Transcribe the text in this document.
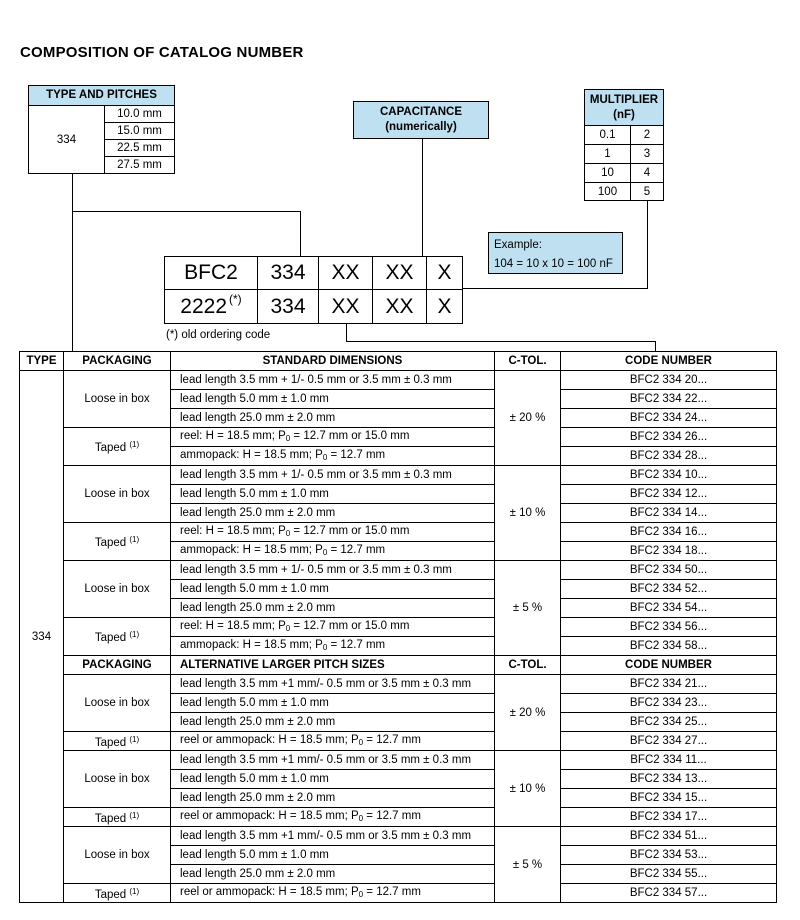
COMPOSITION OF CATALOG NUMBER
TYPE AND PITCHES
334
10.0 mm
15.0 mm
22.5 mm
27.5 mm
CAPACITANCE
(numerically)
MULTIPLIER
(nF)
0.1	2
1	3
10	4
100	5
Example:
104 = 10 x 10 = 100 nF
BFC2	334	XX	XX	X
2222(*)	334	XX	XX	X
(*) old ordering code
TYPE	PACKAGING	STANDARD DIMENSIONS	C-TOL.	CODE NUMBER
334	Loose in box	lead length 3.5 mm + 1/- 0.5 mm or 3.5 mm ± 0.3 mm	± 20 %	BFC2 334 20...
		lead length 5.0 mm ± 1.0 mm		BFC2 334 22...
		lead length 25.0 mm ± 2.0 mm		BFC2 334 24...
	Taped $^{(1)}$	reel: H = 18.5 mm; $P_0 = 12.7$ mm or 15.0 mm		BFC2 334 26...
		ammopack: H = 18.5 mm; $P_0 = 12.7$ mm		BFC2 334 28...
	Loose in box	lead length 3.5 mm + 1/- 0.5 mm or 3.5 mm ± 0.3 mm	± 10 %	BFC2 334 10...
		lead length 5.0 mm ± 1.0 mm		BFC2 334 12...
		lead length 25.0 mm ± 2.0 mm		BFC2 334 14...
	Taped $^{(1)}$	reel: H = 18.5 mm; $P_0 = 12.7$ mm or 15.0 mm		BFC2 334 16...
		ammopack: H = 18.5 mm; $P_0 = 12.7$ mm		BFC2 334 18...
	Loose in box	lead length 3.5 mm + 1/- 0.5 mm or 3.5 mm ± 0.3 mm	± 5 %	BFC2 334 50...
		lead length 5.0 mm ± 1.0 mm		BFC2 334 52...
		lead length 25.0 mm ± 2.0 mm		BFC2 334 54...
	Taped $^{(1)}$	reel: H = 18.5 mm; $P_0 = 12.7$ mm or 15.0 mm		BFC2 334 56...
		ammopack: H = 18.5 mm; $P_0 = 12.7$ mm		BFC2 334 58...
	PACKAGING	ALTERNATIVE LARGER PITCH SIZES	C-TOL.	CODE NUMBER
	Loose in box	lead length 3.5 mm +1 mm/- 0.5 mm or 3.5 mm ± 0.3 mm	± 20 %	BFC2 334 21...
		lead length 5.0 mm ± 1.0 mm		BFC2 334 23...
		lead length 25.0 mm ± 2.0 mm		BFC2 334 25...
	Taped $^{(1)}$	reel or ammopack: H = 18.5 mm; $P_0 = 12.7$ mm		BFC2 334 27...
	Loose in box	lead length 3.5 mm +1 mm/- 0.5 mm or 3.5 mm ± 0.3 mm	± 10 %	BFC2 334 11...
		lead length 5.0 mm ± 1.0 mm		BFC2 334 13...
		lead length 25.0 mm ± 2.0 mm		BFC2 334 15...
	Taped $^{(1)}$	reel or ammopack: H = 18.5 mm; $P_0 = 12.7$ mm		BFC2 334 17...
	Loose in box	lead length 3.5 mm +1 mm/- 0.5 mm or 3.5 mm ± 0.3 mm	± 5 %	BFC2 334 51...
		lead length 5.0 mm ± 1.0 mm		BFC2 334 53...
		lead length 25.0 mm ± 2.0 mm		BFC2 334 55...
	Taped $^{(1)}$	reel or ammopack: H = 18.5 mm; $P_0 = 12.7$ mm		BFC2 334 57...
